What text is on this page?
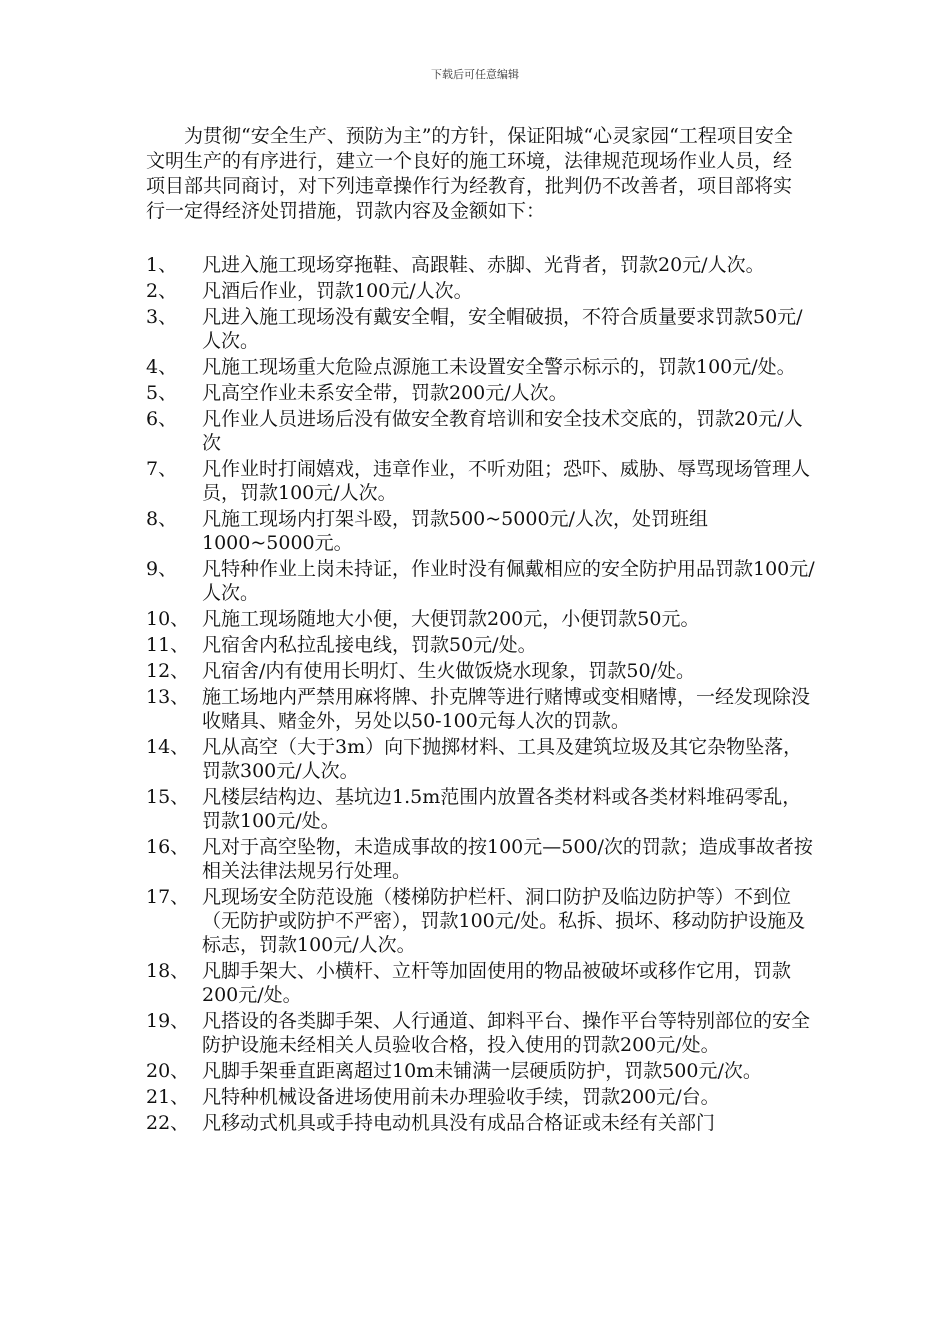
下载后可任意编辑

为贯彻“安全生产、预防为主”的方针，保证阳城“心灵家园“工程项目安全文明生产的有序进行，建立一个良好的施工环境，法律规范现场作业人员，经项目部共同商讨，对下列违章操作行为经教育，批判仍不改善者，项目部将实行一定得经济处罚措施，罚款内容及金额如下：

1、	凡进入施工现场穿拖鞋、高跟鞋、赤脚、光背者，罚款20元/人次。
2、	凡酒后作业，罚款100元/人次。
3、	凡进入施工现场没有戴安全帽，安全帽破损，不符合质量要求罚款50元/人次。
4、	凡施工现场重大危险点源施工未设置安全警示标示的，罚款100元/处。
5、	凡高空作业未系安全带，罚款200元/人次。
6、	凡作业人员进场后没有做安全教育培训和安全技术交底的，罚款20元/人次
7、	凡作业时打闹嬉戏，违章作业，不听劝阻；恐吓、威胁、辱骂现场管理人员，罚款100元/人次。
8、	凡施工现场内打架斗殴，罚款500~5000元/人次，处罚班组1000~5000元。
9、	凡特种作业上岗未持证，作业时没有佩戴相应的安全防护用品罚款100元/ 人次。
10、 凡施工现场随地大小便，大便罚款200元，小便罚款50元。
11、 凡宿舍内私拉乱接电线，罚款50元/处。
12、 凡宿舍/内有使用长明灯、生火做饭烧水现象，罚款50/处。
13、 施工场地内严禁用麻将牌、扑克牌等进行赌博或变相赌博，一经发现除没收赌具、赌金外，另处以50-100元每人次的罚款。
14、 凡从高空（大于3m）向下抛掷材料、工具及建筑垃圾及其它杂物坠落，罚款300元/人次。
15、 凡楼层结构边、基坑边1.5m范围内放置各类材料或各类材料堆码零乱，罚款100元/处。
16、 凡对于高空坠物，未造成事故的按100元—500/次的罚款；造成事故者按相关法律法规另行处理。
17、 凡现场安全防范设施（楼梯防护栏杆、洞口防护及临边防护等）不到位（无防护或防护不严密），罚款100元/处。私拆、损坏、移动防护设施及标志，罚款100元/人次。
18、 凡脚手架大、小横杆、立杆等加固使用的物品被破坏或移作它用，罚款200元/处。
19、 凡搭设的各类脚手架、人行通道、卸料平台、操作平台等特别部位的安全防护设施未经相关人员验收合格，投入使用的罚款200元/处。
20、 凡脚手架垂直距离超过10m未铺满一层硬质防护，罚款500元/次。
21、 凡特种机械设备进场使用前未办理验收手续，罚款200元/台。
22、 凡移动式机具或手持电动机具没有成品合格证或未经有关部门
